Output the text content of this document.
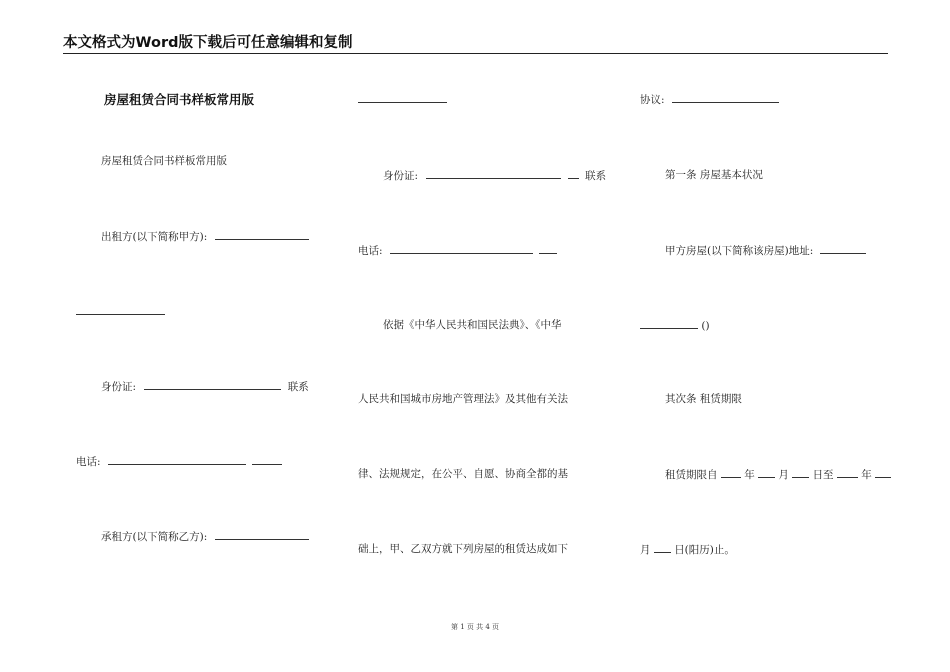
本文格式为Word版下载后可任意编辑和复制
房屋租赁合同书样板常用版
房屋租赁合同书样板常用版
出租方(以下简称甲方):
身份证:	联系
电话:
承租方(以下简称乙方):
身份证:	联系
电话:
依据《中华人民共和国民法典》、《中华
人民共和国城市房地产管理法》及其他有关法
律、法规规定，在公平、自愿、协商全都的基
础上，甲、乙双方就下列房屋的租赁达成如下
协议:
第一条 房屋基本状况
甲方房屋(以下简称该房屋)地址:
()
其次条 租赁期限
租赁期限自	年 月 日至	年
月 日(阳历)止。
第 1 页 共 4 页
